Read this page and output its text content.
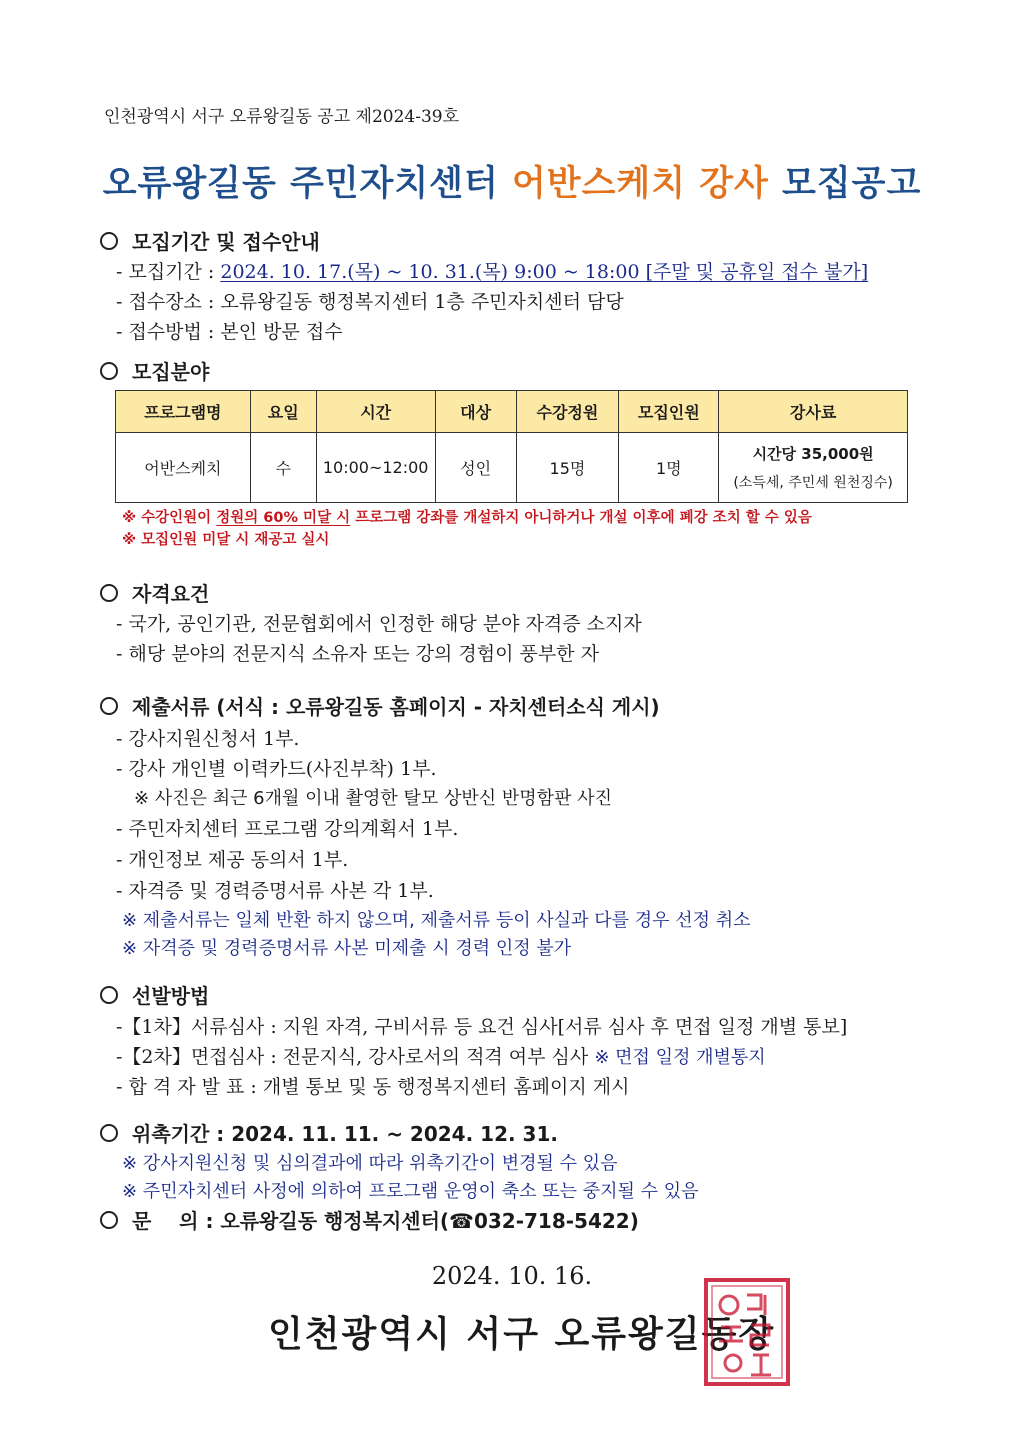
인천광역시 서구 오류왕길동 공고 제2024-39호
오류왕길동 주민자치센터 어반스케치 강사 모집공고
모집기간 및 접수안내
- 모집기간 : 2024. 10. 17.(목) ~ 10. 31.(목) 9:00 ~ 18:00 [주말 및 공휴일 접수 불가]
- 접수장소 : 오류왕길동 행정복지센터 1층 주민자치센터 담당
- 접수방법 : 본인 방문 접수
모집분야
프로그램명	요일	시간	대상	수강정원	모집인원	강사료
어반스케치	수	10:00~12:00	성인	15명	1명	시간당 35,000원
(소득세, 주민세 원천징수)
※ 수강인원이 정원의 60% 미달 시 프로그램 강좌를 개설하지 아니하거나 개설 이후에 폐강 조치 할 수 있음
※ 모집인원 미달 시 재공고 실시
자격요건
- 국가, 공인기관, 전문협회에서 인정한 해당 분야 자격증 소지자
- 해당 분야의 전문지식 소유자 또는 강의 경험이 풍부한 자
제출서류 (서식 : 오류왕길동 홈페이지 - 자치센터소식 게시)
- 강사지원신청서 1부.
- 강사 개인별 이력카드(사진부착) 1부.
※ 사진은 최근 6개월 이내 촬영한 탈모 상반신 반명함판 사진
- 주민자치센터 프로그램 강의계획서 1부.
- 개인정보 제공 동의서 1부.
- 자격증 및 경력증명서류 사본 각 1부.
※ 제출서류는 일체 반환 하지 않으며, 제출서류 등이 사실과 다를 경우 선정 취소
※ 자격증 및 경력증명서류 사본 미제출 시 경력 인정 불가
선발방법
-【1차】서류심사 : 지원 자격, 구비서류 등 요건 심사[서류 심사 후 면접 일정 개별 통보]
-【2차】면접심사 : 전문지식, 강사로서의 적격 여부 심사 ※ 면접 일정 개별통지
- 합 격 자 발 표 : 개별 통보 및 동 행정복지센터 홈페이지 게시
위촉기간 : 2024. 11. 11. ~ 2024. 12. 31.
※ 강사지원신청 및 심의결과에 따라 위촉기간이 변경될 수 있음
※ 주민자치센터 사정에 의하여 프로그램 운영이 축소 또는 중지될 수 있음
문    의 : 오류왕길동 행정복지센터(☎032-718-5422)
2024. 10. 16.
인천광역시 서구 오류왕길동장
